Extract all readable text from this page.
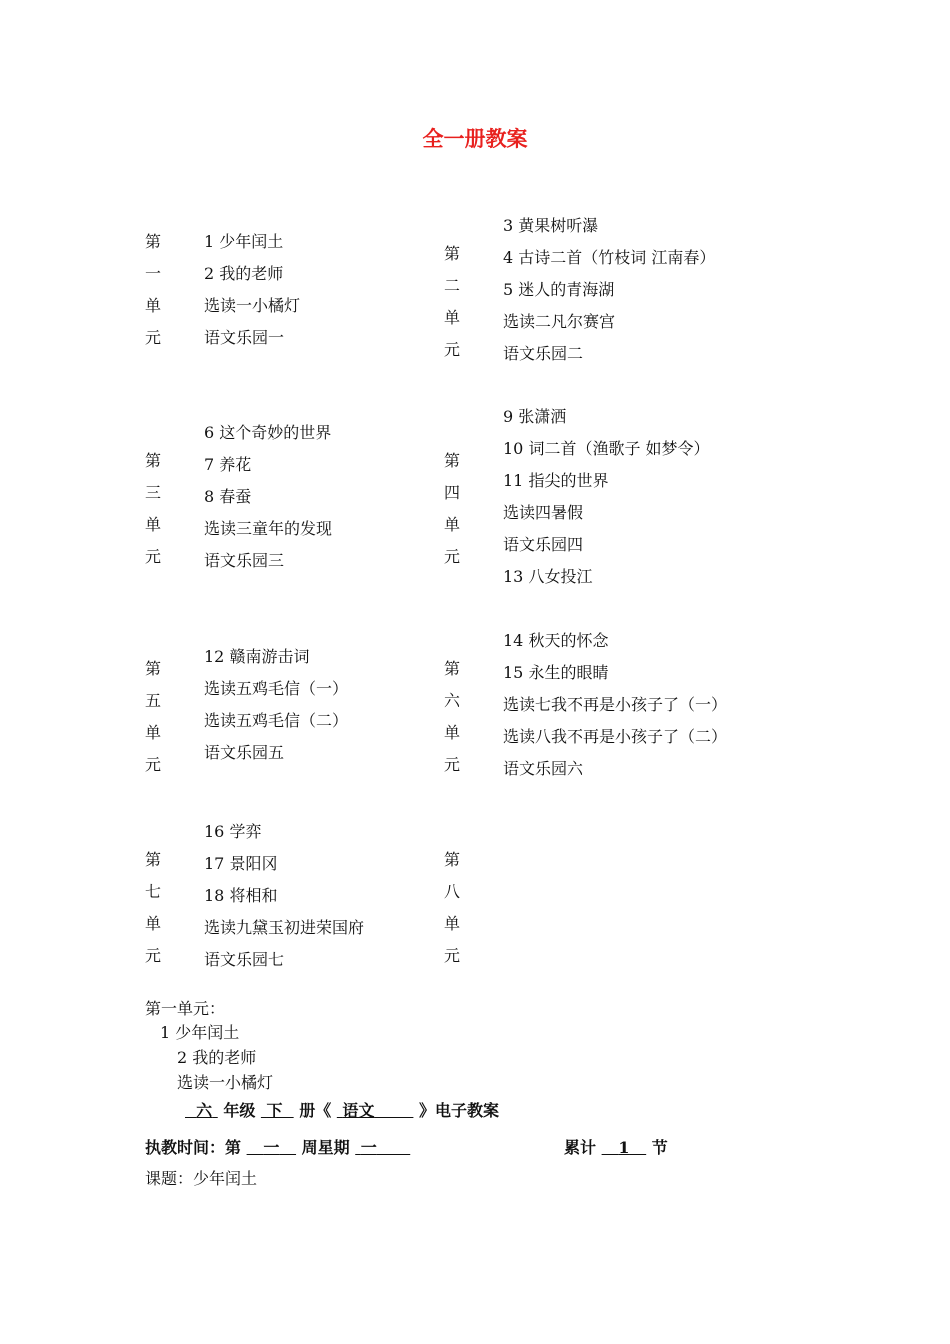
全一册教案
第
一
单
元
1 少年闰土
2 我的老师
选读一小橘灯
语文乐园一
第
二
单
元
3 黄果树听瀑
4 古诗二首（竹枝词 江南春）
5 迷人的青海湖
选读二凡尔赛宫
语文乐园二
第
三
单
元
6 这个奇妙的世界
7 养花
8 春蚕
选读三童年的发现
语文乐园三
第
四
单
元
9 张潇洒
10 词二首（渔歌子 如梦令）
11 指尖的世界
选读四暑假
语文乐园四
13 八女投江
第
五
单
元
12 赣南游击词
选读五鸡毛信（一）
选读五鸡毛信（二）
语文乐园五
第
六
单
元
14 秋天的怀念
15 永生的眼睛
选读七我不再是小孩子了（一）
选读八我不再是小孩子了（二）
语文乐园六
第
七
单
元
16 学弈
17 景阳冈
18 将相和
选读九黛玉初进荣国府
语文乐园七
第
八
单
元
第一单元：
1 少年闰土
2 我的老师
选读一小橘灯
六 年级 下 册《 语文	》电子教案
执教时间：第 一 周星期 一	累计 1 节
课题：少年闰土
